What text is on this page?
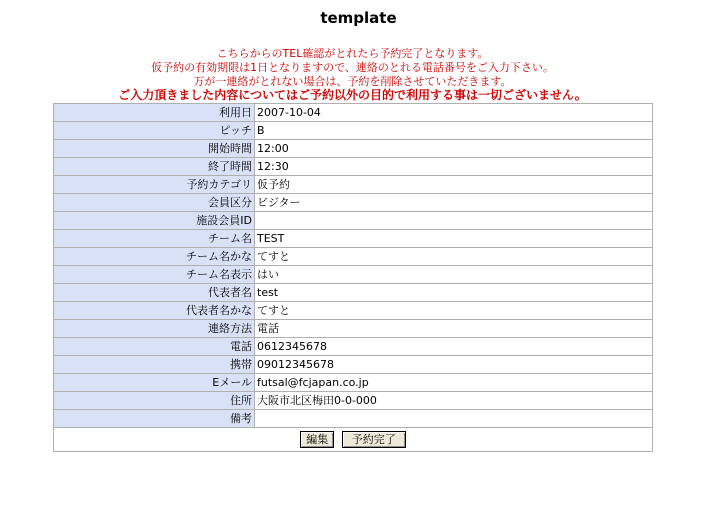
template
こちらからのTEL確認がとれたら予約完了となります。
仮予約の有効期限は1日となりますので、連絡のとれる電話番号をご入力下さい。
万が一連絡がとれない場合は、予約を削除させていただきます。
ご入力頂きました内容についてはご予約以外の目的で利用する事は一切ございません。
利用日	2007-10-04
ピッチ	B
開始時間	12:00
終了時間	12:30
予約カテゴリ	仮予約
会員区分	ビジター
施設会員ID	
チーム名	TEST
チーム名かな	てすと
チーム名表示	はい
代表者名	test
代表者名かな	てすと
連絡方法	電話
電話	0612345678
携帯	09012345678
Eメール	futsal@fcjapan.co.jp
住所	大阪市北区梅田0-0-000
備考	
編集 予約完了	
